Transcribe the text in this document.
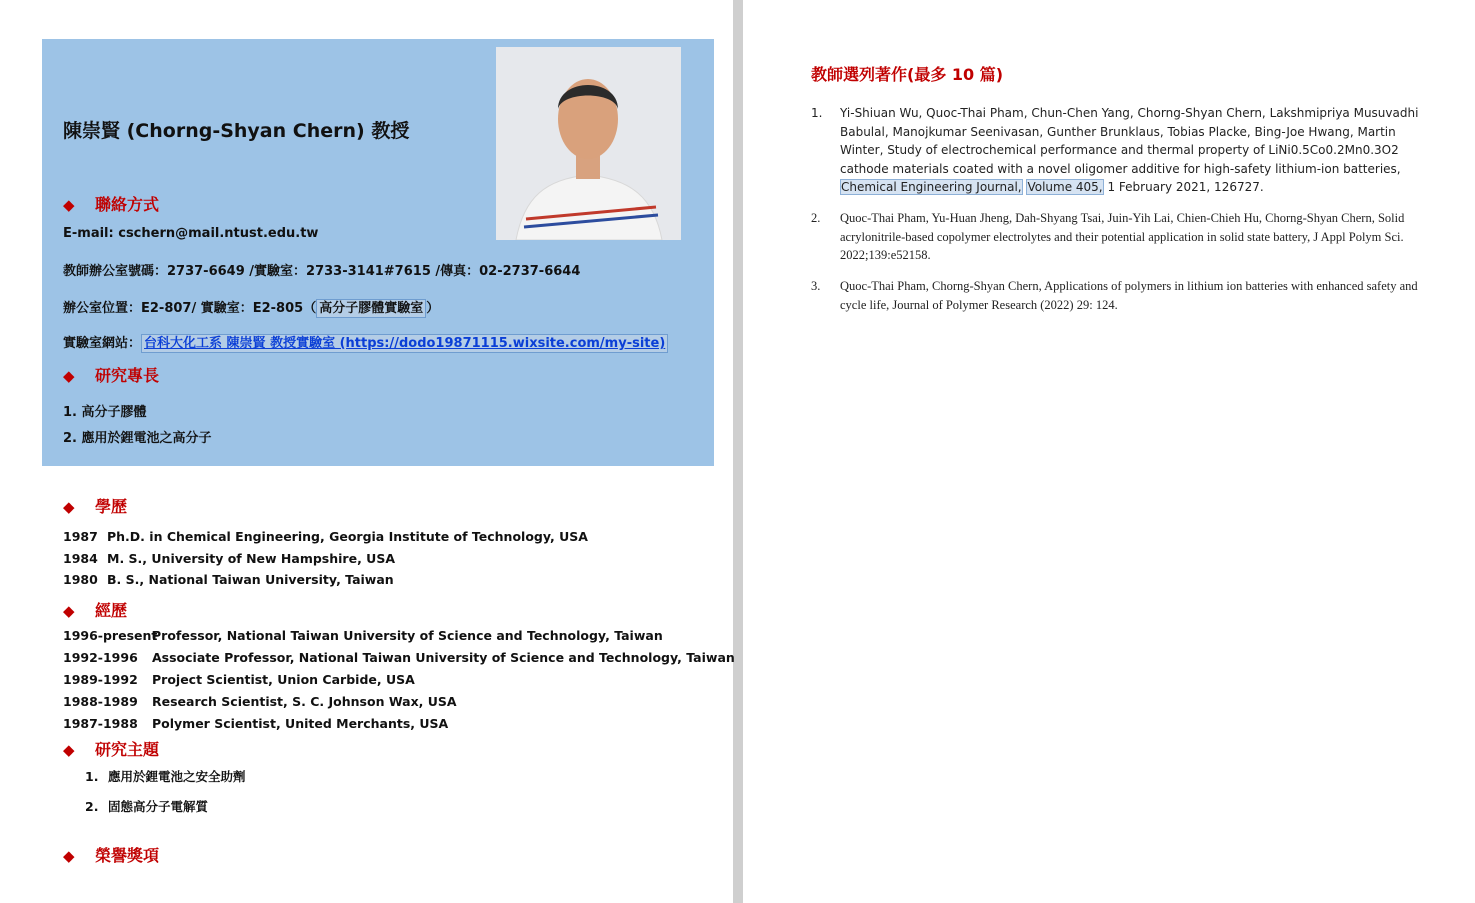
陳崇賢 (Chorng-Shyan Chern) 教授
◆ 聯絡方式
E-mail: cschern@mail.ntust.edu.tw
教師辦公室號碼：2737-6649 /實驗室：2733-3141#7615 /傳真：02-2737-6644
辦公室位置：E2-807/ 實驗室：E2-805（ 高分子膠體實驗室 ）
實驗室網站： 台科大化工系 陳崇賢 教授實驗室 (https://dodo19871115.wixsite.com/my-site)
◆ 研究專長
1. 高分子膠體
2. 應用於鋰電池之高分子
◆ 學歷
1987 Ph.D. in Chemical Engineering, Georgia Institute of Technology, USA
1984 M. S., University of New Hampshire, USA
1980 B. S., National Taiwan University, Taiwan
◆ 經歷
1996-presentProfessor, National Taiwan University of Science and Technology, Taiwan
1992-1996 Associate Professor, National Taiwan University of Science and Technology, Taiwan
1989-1992 Project Scientist, Union Carbide, USA
1988-1989 Research Scientist, S. C. Johnson Wax, USA
1987-1988 Polymer Scientist, United Merchants, USA
◆ 研究主題
1. 應用於鋰電池之安全助劑
2. 固態高分子電解質
◆ 榮譽獎項
教師選列著作(最多 10 篇)
1. Yi-Shiuan Wu, Quoc-Thai Pham, Chun-Chen Yang, Chorng-Shyan Chern, Lakshmipriya Musuvadhi Babulal, Manojkumar Seenivasan, Gunther Brunklaus, Tobias Placke, Bing-Joe Hwang, Martin Winter, Study of electrochemical performance and thermal property of LiNi0.5Co0.2Mn0.3O2 cathode materials coated with a novel oligomer additive for high-safety lithium-ion batteries, Chemical Engineering Journal, Volume 405, 1 February 2021, 126727.
2. Quoc-Thai Pham, Yu-Huan Jheng, Dah-Shyang Tsai, Juin-Yih Lai, Chien-Chieh Hu, Chorng-Shyan Chern, Solid acrylonitrile-based copolymer electrolytes and their potential application in solid state battery, J Appl Polym Sci. 2022;139:e52158.
3. Quoc-Thai Pham, Chorng-Shyan Chern, Applications of polymers in lithium ion batteries with enhanced safety and cycle life, Journal of Polymer Research (2022) 29: 124.
